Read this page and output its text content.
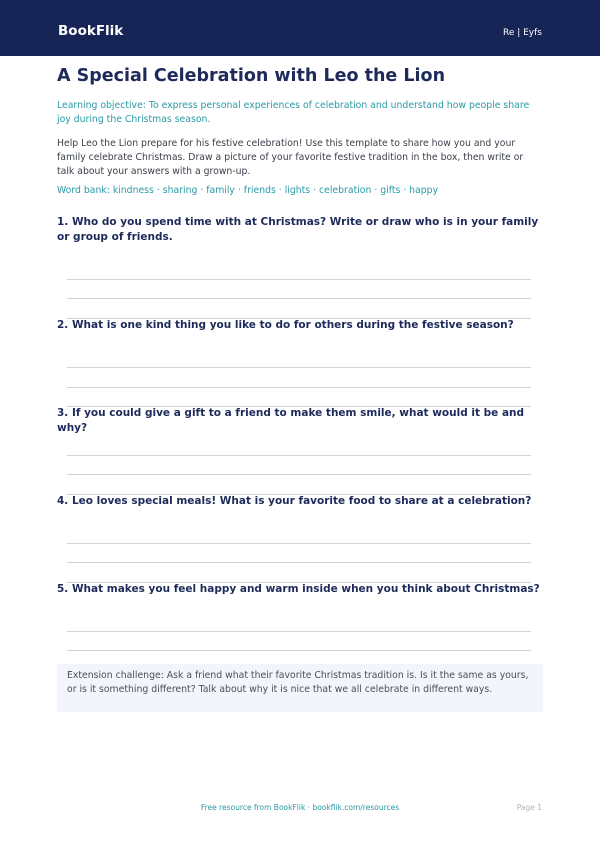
BookFlik	Re | Eyfs
A Special Celebration with Leo the Lion

Learning objective: To express personal experiences of celebration and understand how people share joy during the Christmas season.

Help Leo the Lion prepare for his festive celebration! Use this template to share how you and your family celebrate Christmas. Draw a picture of your favorite festive tradition in the box, then write or talk about your answers with a grown-up.

Word bank: kindness · sharing · family · friends · lights · celebration · gifts · happy

1. Who do you spend time with at Christmas? Write or draw who is in your family or group of friends.

2. What is one kind thing you like to do for others during the festive season?

3. If you could give a gift to a friend to make them smile, what would it be and why?

4. Leo loves special meals! What is your favorite food to share at a celebration?

5. What makes you feel happy and warm inside when you think about Christmas?

Extension challenge: Ask a friend what their favorite Christmas tradition is. Is it the same as yours, or is it something different? Talk about why it is nice that we all celebrate in different ways.
Free resource from BookFlik · bookflik.com/resources	Page 1
